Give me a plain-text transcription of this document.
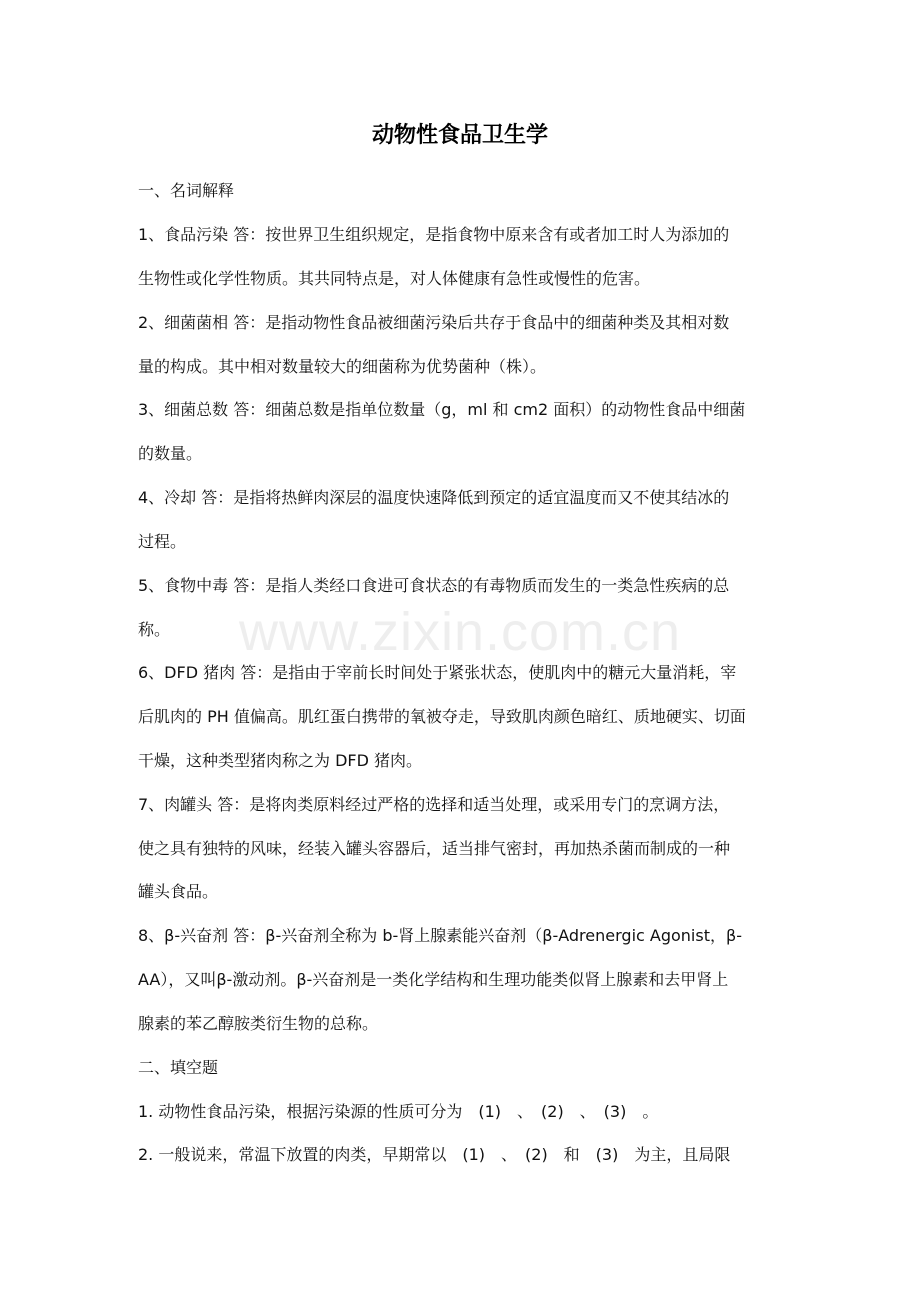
动物性食品卫生学
一、名词解释
1、食品污染 答：按世界卫生组织规定，是指食物中原来含有或者加工时人为添加的
生物性或化学性物质。其共同特点是，对人体健康有急性或慢性的危害。
2、细菌菌相 答：是指动物性食品被细菌污染后共存于食品中的细菌种类及其相对数
量的构成。其中相对数量较大的细菌称为优势菌种（株）。
3、细菌总数 答：细菌总数是指单位数量（g，ml 和 cm2 面积）的动物性食品中细菌
的数量。
4、冷却 答：是指将热鲜肉深层的温度快速降低到预定的适宜温度而又不使其结冰的
过程。
5、食物中毒 答：是指人类经口食进可食状态的有毒物质而发生的一类急性疾病的总
称。
6、DFD 猪肉 答：是指由于宰前长时间处于紧张状态，使肌肉中的糖元大量消耗，宰
后肌肉的 PH 值偏高。肌红蛋白携带的氧被夺走，导致肌肉颜色暗红、质地硬实、切面
干燥，这种类型猪肉称之为 DFD 猪肉。
7、肉罐头 答：是将肉类原料经过严格的选择和适当处理，或采用专门的烹调方法，
使之具有独特的风味，经装入罐头容器后，适当排气密封，再加热杀菌而制成的一种
罐头食品。
8、β-兴奋剂 答：β-兴奋剂全称为 b-肾上腺素能兴奋剂（β-Adrenergic Agonist，β-
AA），又叫β-激动剂。β-兴奋剂是一类化学结构和生理功能类似肾上腺素和去甲肾上
腺素的苯乙醇胺类衍生物的总称。
二、填空题
1. 动物性食品污染，根据污染源的性质可分为　(1)　、　(2)　、　(3)　。
2. 一般说来，常温下放置的肉类，早期常以　(1)　、　(2)　和　(3)　为主，且局限
www.zixin.com.cn
